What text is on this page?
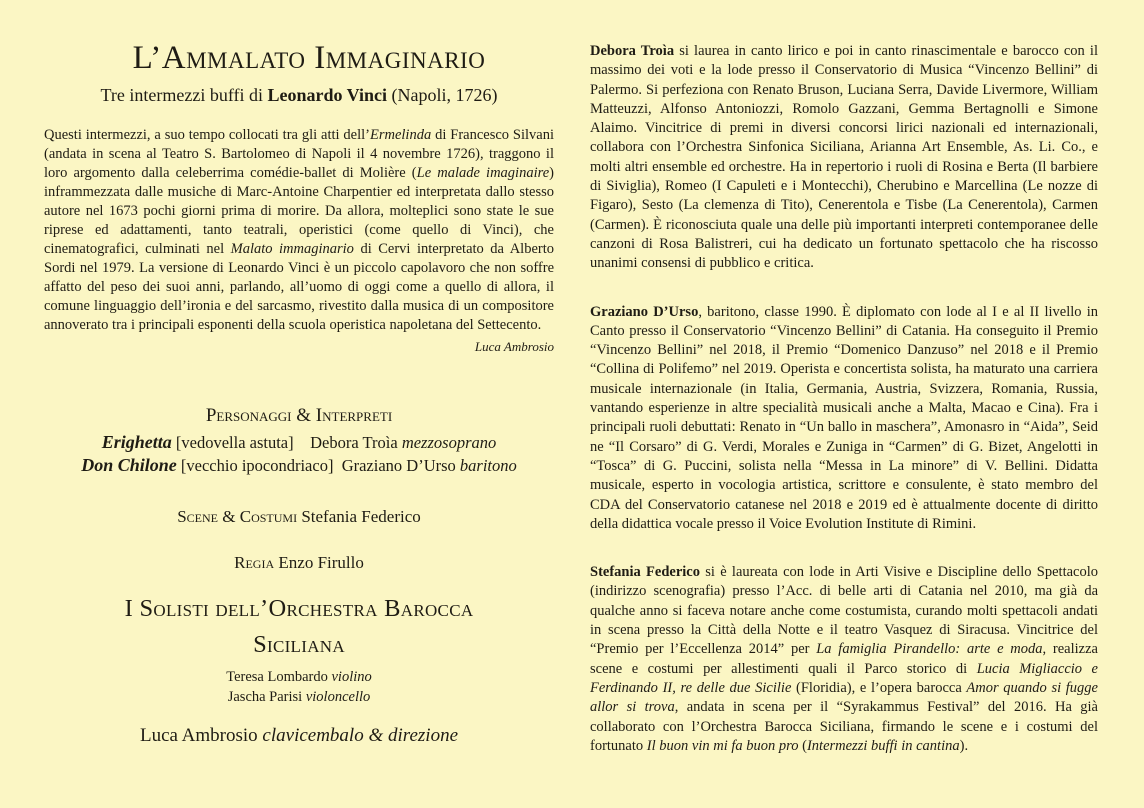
L’Ammalato Immaginario
Tre intermezzi buffi di Leonardo Vinci (Napoli, 1726)

Questi intermezzi, a suo tempo collocati tra gli atti dell’Ermelinda di Francesco Silvani (andata in scena al Teatro S. Bartolomeo di Napoli il 4 novembre 1726), traggono il loro argomento dalla celeberrima comédie-ballet di Molière (Le malade imaginaire) inframmezzata dalle musiche di Marc-Antoine Charpentier ed interpretata dallo stesso autore nel 1673 pochi giorni prima di morire. Da allora, molteplici sono state le sue riprese ed adattamenti, tanto teatrali, operistici (come quello di Vinci), che cinematografici, culminati nel Malato immaginario di Cervi interpretato da Alberto Sordi nel 1979. La versione di Leonardo Vinci è un piccolo capolavoro che non soffre affatto del peso dei suoi anni, parlando, all’uomo di oggi come a quello di allora, il comune linguaggio dell’ironia e del sarcasmo, rivestito dalla musica di un compositore annoverato tra i principali esponenti della scuola operistica napoletana del Settecento.

Luca Ambrosio
Personaggi & Interpreti
Erighetta [vedovella astuta] Debora Troìa mezzosoprano
Don Chilone [vecchio ipocondriaco] Graziano D’Urso baritono

Scene & Costumi Stefania Federico

Regia Enzo Firullo

I Solisti dell’Orchestra Barocca

Siciliana

Teresa Lombardo violino

Jascha Parisi violoncello

Luca Ambrosio clavicembalo & direzione

Debora Troìa si laurea in canto lirico e poi in canto rinascimentale e barocco con il massimo dei voti e la lode presso il Conservatorio di Musica “Vincenzo Bellini” di Palermo. Si perfeziona con Renato Bruson, Luciana Serra, Davide Livermore, William Matteuzzi, Alfonso Antoniozzi, Romolo Gazzani, Gemma Bertagnolli e Simone Alaimo. Vincitrice di premi in diversi concorsi lirici nazionali ed internazionali, collabora con l’Orchestra Sinfonica Siciliana, Arianna Art Ensemble, As. Li. Co., e molti altri ensemble ed orchestre. Ha in repertorio i ruoli di Rosina e Berta (Il barbiere di Siviglia), Romeo (I Capuleti e i Montecchi), Cherubino e Marcellina (Le nozze di Figaro), Sesto (La clemenza di Tito), Cenerentola e Tisbe (La Cenerentola), Carmen (Carmen). È riconosciuta quale una delle più importanti interpreti contemporanee delle canzoni di Rosa Balistreri, cui ha dedicato un fortunato spettacolo che ha riscosso unanimi consensi di pubblico e critica.

Graziano D’Urso, baritono, classe 1990. È diplomato con lode al I e al II livello in Canto presso il Conservatorio “Vincenzo Bellini” di Catania. Ha conseguito il Premio “Vincenzo Bellini” nel 2018, il Premio “Domenico Danzuso” nel 2018 e il Premio “Collina di Polifemo” nel 2019. Operista e concertista solista, ha maturato una carriera musicale internazionale (in Italia, Germania, Austria, Svizzera, Romania, Russia, vantando esperienze in altre specialità musicali anche a Malta, Macao e Cina). Fra i principali ruoli debuttati: Renato in “Un ballo in maschera”, Amonasro in “Aida”, Seid ne “Il Corsaro” di G. Verdi, Morales e Zuniga in “Carmen” di G. Bizet, Angelotti in “Tosca” di G. Puccini, solista nella “Messa in La minore” di V. Bellini. Didatta musicale, esperto in vocologia artistica, scrittore e consulente, è stato membro del CDA del Conservatorio catanese nel 2018 e 2019 ed è attualmente docente di diritto della didattica vocale presso il Voice Evolution Institute di Rimini.

Stefania Federico si è laureata con lode in Arti Visive e Discipline dello Spettacolo (indirizzo scenografia) presso l’Acc. di belle arti di Catania nel 2010, ma già da qualche anno si faceva notare anche come costumista, curando molti spettacoli andati in scena presso la Città della Notte e il teatro Vasquez di Siracusa. Vincitrice del “Premio per l’Eccellenza 2014” per La famiglia Pirandello: arte e moda, realizza scene e costumi per allestimenti quali il Parco storico di Lucia Migliaccio e Ferdinando II, re delle due Sicilie (Floridia), e l’opera barocca Amor quando si fugge allor si trova, andata in scena per il “Syrakammus Festival” del 2016. Ha già collaborato con l’Orchestra Barocca Siciliana, firmando le scene e i costumi del fortunato Il buon vin mi fa buon pro (Intermezzi buffi in cantina).
